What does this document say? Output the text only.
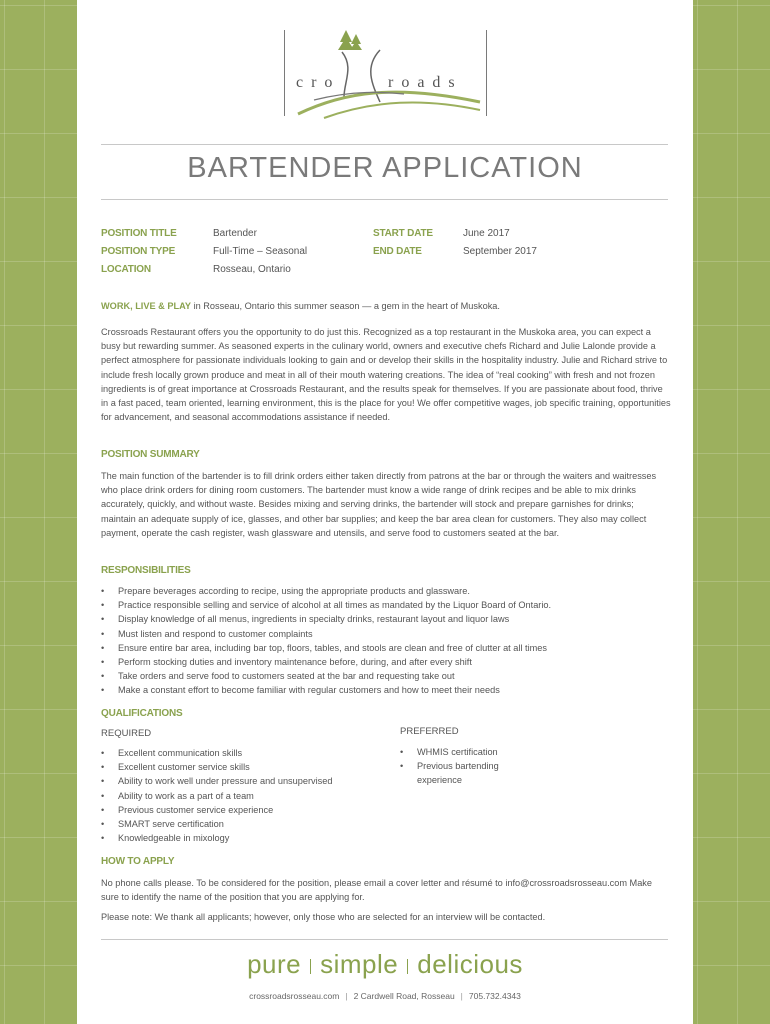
cro	roads
BARTENDER APPLICATION
POSITION TITLE	Bartender
POSITION TYPE	Full-Time – Seasonal
LOCATION	Rosseau, Ontario
START DATE	June 2017
END DATE	September 2017

WORK, LIVE & PLAY in Rosseau, Ontario this summer season — a gem in the heart of Muskoka.

Crossroads Restaurant offers you the opportunity to do just this. Recognized as a top restaurant in the Muskoka area, you can expect a busy but rewarding summer. As seasoned experts in the culinary world, owners and executive chefs Richard and Julie Lalonde provide a perfect atmosphere for passionate individuals looking to gain and or develop their skills in the hospitality industry. Julie and Richard strive to include fresh locally grown produce and meat in all of their mouth watering creations. The idea of “real cooking” with fresh and not frozen ingredients is of great importance at Crossroads Restaurant, and the results speak for themselves. If you are passionate about food, thrive in a fast paced, team oriented, learning environment, this is the place for you! We offer competitive wages, job specific training, opportunities for advancement, and seasonal accommodations assistance if needed.

POSITION SUMMARY

The main function of the bartender is to fill drink orders either taken directly from patrons at the bar or through the waiters and waitresses who place drink orders for dining room customers. The bartender must know a wide range of drink recipes and be able to mix drinks accurately, quickly, and without waste. Besides mixing and serving drinks, the bartender will stock and prepare garnishes for drinks; maintain an adequate supply of ice, glasses, and other bar supplies; and keep the bar area clean for customers. They also may collect payment, operate the cash register, wash glassware and utensils, and serve food to customers seated at the bar.

RESPONSIBILITIES
• Prepare beverages according to recipe, using the appropriate products and glassware.
• Practice responsible selling and service of alcohol at all times as mandated by the Liquor Board of Ontario.
• Display knowledge of all menus, ingredients in specialty drinks, restaurant layout and liquor laws
• Must listen and respond to customer complaints
• Ensure entire bar area, including bar top, floors, tables, and stools are clean and free of clutter at all times
• Perform stocking duties and inventory maintenance before, during, and after every shift
• Take orders and serve food to customers seated at the bar and requesting take out
• Make a constant effort to become familiar with regular customers and how to meet their needs
QUALIFICATIONS
REQUIRED
• Excellent communication skills
• Excellent customer service skills
• Ability to work well under pressure and unsupervised
• Ability to work as a part of a team
• Previous customer service experience
• SMART serve certification
• Knowledgeable in mixology
PREFERRED
• WHMIS certification
• Previous bartending experience
HOW TO APPLY

No phone calls please. To be considered for the position, please email a cover letter and résumé to info@crossroadsrosseau.com Make sure to identify the name of the position that you are applying for.

Please note: We thank all applicants; however, only those who are selected for an interview will be contacted.

pure simple delicious
crossroadsrosseau.com | 2 Cardwell Road, Rosseau | 705.732.4343
